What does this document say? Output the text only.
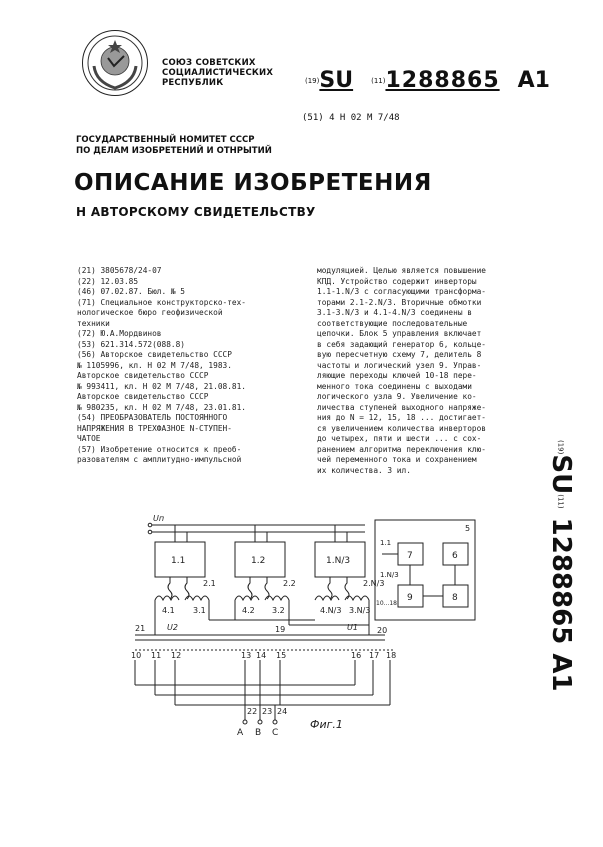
СОЮЗ СОВЕТСКИХ
СОЦИАЛИСТИЧЕСКИХ
РЕСПУБЛИК	(19)SU	(11)1288865 A1
(51) 4 Н 02 М 7/48
ГОСУДАРСТВЕННЫЙ НОМИТЕТ СССР
ПО ДЕЛАМ ИЗОБРЕТЕНИЙ И ОТНРЫТИЙ
ОПИСАНИЕ ИЗОБРЕТЕНИЯ
Н АВТОРСКОМУ СВИДЕТЕЛЬСТВУ
(21) 3805678/24-07
(22) 12.03.85
(46) 07.02.87. Бюл. № 5
(71) Специальное конструкторско-тех-
нологическое бюро геофизической
техники
(72) Ю.А.Мордвинов
(53) 621.314.572(088.8)
(56) Авторское свидетельство СССР
№ 1105996, кл. Н 02 М 7/48, 1983.
Авторское свидетельство СССР
№ 993411, кл. Н 02 М 7/48, 21.08.81.
Авторское свидетельство СССР
№ 980235, кл. Н 02 М 7/48, 23.01.81.
(54) ПРЕОБРАЗОВАТЕЛЬ ПОСТОЯННОГО
НАПРЯЖЕНИЯ В ТРЕХФАЗНОЕ N-СТУПЕН-
ЧАТОЕ
(57) Изобретение относится к преоб-
разователям с амплитудно-импульсной
модуляцией. Целью является повышение
КПД. Устройство содержит инверторы
1.1-1.N/3 с согласующими трансформа-
торами 2.1-2.N/3. Вторичные обмотки
3.1-3.N/3 и 4.1-4.N/3 соединены в
соответствующие последовательные
цепочки. Блок 5 управления включает
в себя задающий генератор 6, кольце-
вую пересчетную схему 7, делитель 8
частоты и логический узел 9. Управ-
ляющие переходы ключей 10-18 пере-
менного тока соединены с выходами
логического узла 9. Увеличение ко-
личества ступеней выходного напряже-
ния до N = 12, 15, 18 ... достигает-
ся увеличением количества инверторов
до четырех, пяти и шести ... с сох-
ранением алгоритма переключения клю-
чей переменного тока и сохранением
их количества. 3 ил.
(19)SU(11) 1288865 A1
Uп
1.1	1.2	1.N/3
2.1	2.2	2.N/3
4.1 3.1	4.2 3.2	4.N/3 3.N/3
19	20
21	U2	U1
10 11 12	13 14 15	16 17 18
22 23 24
A B C
Фиг.1
5
7	6
8
9
1.1
1.N/3
10...18
